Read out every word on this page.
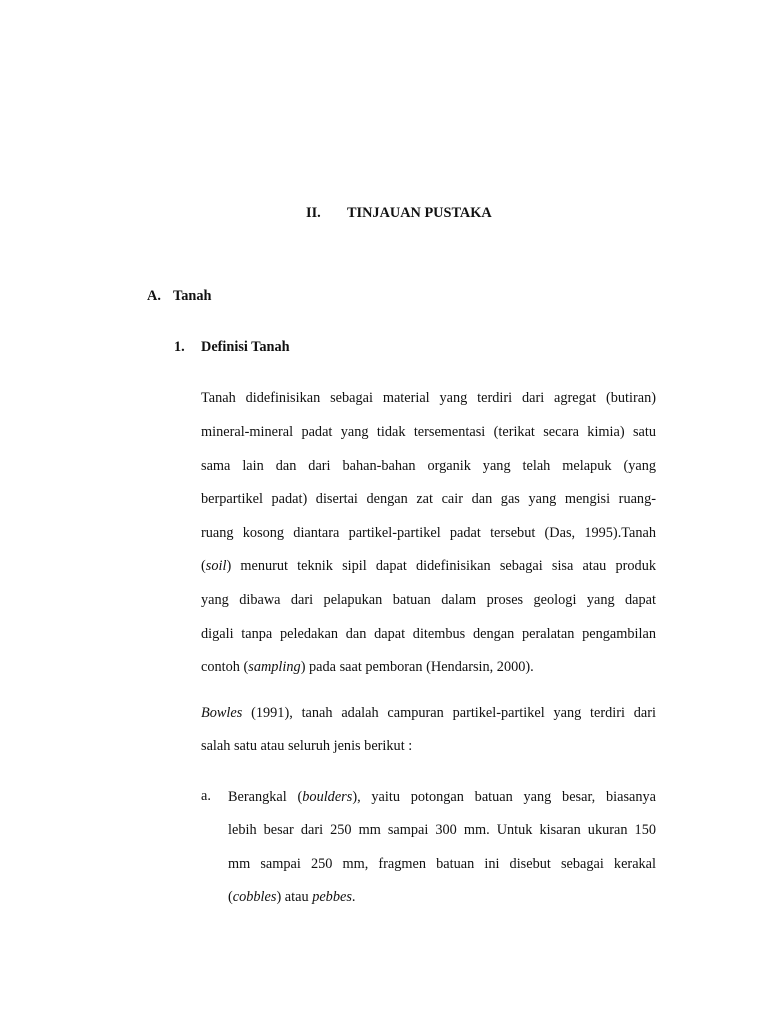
II. TINJAUAN PUSTAKA
A. Tanah
1. Definisi Tanah
Tanah didefinisikan sebagai material yang terdiri dari agregat (butiran)
mineral-mineral padat yang tidak tersementasi (terikat secara kimia) satu
sama lain dan dari bahan-bahan organik yang telah melapuk (yang
berpartikel padat) disertai dengan zat cair dan gas yang mengisi ruang-
ruang kosong diantara partikel-partikel padat tersebut (Das, 1995).Tanah
(soil) menurut teknik sipil dapat didefinisikan sebagai sisa atau produk
yang dibawa dari pelapukan batuan dalam proses geologi yang dapat
digali tanpa peledakan dan dapat ditembus dengan peralatan pengambilan
contoh (sampling) pada saat pemboran (Hendarsin, 2000).
Bowles (1991), tanah adalah campuran partikel-partikel yang terdiri dari
salah satu atau seluruh jenis berikut :
a. Berangkal (boulders), yaitu potongan batuan yang besar, biasanya
lebih besar dari 250 mm sampai 300 mm. Untuk kisaran ukuran 150
mm sampai 250 mm, fragmen batuan ini disebut sebagai kerakal
(cobbles) atau pebbes.
